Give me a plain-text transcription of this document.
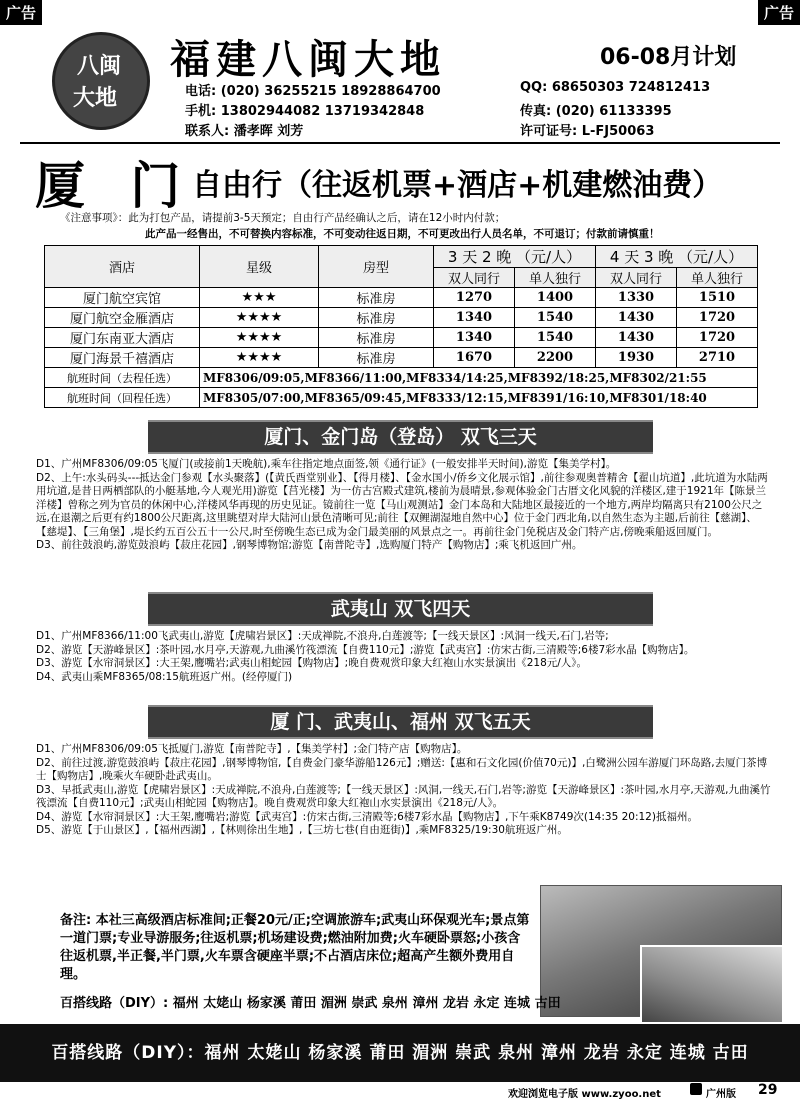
广告	广告
八闽
大地
福建八闽大地	06-08月计划
电话: (020) 36255215 18928864700	QQ: 68650303 724812413
手机: 13802944082 13719342848	传真: (020) 61133395
联系人: 潘孝晖 刘芳	许可证号: L-FJ50063
厦 门
自由行（往返机票+酒店+机建燃油费）
《注意事项》：此为打包产品，请提前3-5天预定；自由行产品经确认之后，请在12小时内付款；
此产品一经售出，不可替换内容标准，不可变动往返日期，不可更改出行人员名单，不可退订；付款前请慎重！
酒店	星级	房型	3 天 2 晚 （元/人）		4 天 3 晚 （元/人）	
			双人同行	单人独行	双人同行	单人独行
厦门航空宾馆	★★★	标准房	1270	1400	1330	1510
厦门航空金雁酒店	★★★★	标准房	1340	1540	1430	1720
厦门东南亚大酒店	★★★★	标准房	1340	1540	1430	1720
厦门海景千禧酒店	★★★★	标准房	1670	2200	1930	2710
航班时间（去程任选）	MF8306/09:05,MF8366/11:00,MF8334/14:25,MF8392/18:25,MF8302/21:55					
航班时间（回程任选）	MF8305/07:00,MF8365/09:45,MF8333/12:15,MF8391/16:10,MF8301/18:40					
厦门、金门岛（登岛） 双飞三天

D1、广州MF8306/09:05飞厦门(或接前1天晚航),乘车往指定地点面签,领《通行证》(一般安排半天时间),游览【集美学村】。

D2、上午:水头码头---抵达金门参观【水头聚落】(【黄氏酉堂别业】、【得月楼】、【金水国小/侨乡文化展示馆】,前往参观奥普精舍【翟山坑道】,此坑道为水陆两用坑道,是昔日两栖部队的小艇基地,今人观光用)游览【莒光楼】为一仿古宫殿式建筑,楼前为晨晴景,参观体验金门古厝文化风貌的洋楼区,建于1921年【陈景兰洋楼】曾称之列为官员的休闲中心,洋楼风华再现的历史见证。镜前往一览【马山观测站】金门本岛和大陆地区最接近的一个地方,两岸均隔离只有2100公尺之远,在退潮之后更有约1800公尺距离,这里眺望对岸大陆河山景色清晰可见;前往【双鲤湖湿地自然中心】位于金门西北角,以自然生态为主题,后前往【慈湖】、【慈堤】、【三角堡】,堤长约五百公五十一公尺,时至傍晚生态已成为金门最美丽的风景点之一。再前往金门免税店及金门特产店,傍晚乘船返回厦门。

D3、前往鼓浪屿,游览鼓浪屿【菽庄花园】,钢琴博物馆;游览【南普陀寺】,选购厦门特产【购物店】;乘飞机返回广州。

武夷山 双飞四天

D1、广州MF8366/11:00飞武夷山,游览【虎啸岩景区】:天成禅院,不浪舟,白莲渡等;【一线天景区】:风洞一线天,石门,岩等;

D2、游览【天游峰景区】:茶叶园,水月亭,天游观,九曲溪竹筏漂流【自费110元】;游览【武夷宫】:仿宋古街,三清殿等;6楼7彩水晶【购物店】。

D3、游览【水帘洞景区】:大王架,鹰嘴岩;武夷山相蛇园【购物店】;晚自费观赏印象大红袍山水实景演出《218元/人》。

D4、武夷山乘MF8365/08:15航班返广州。(经停厦门)

厦 门、武夷山、福州 双飞五天

D1、广州MF8306/09:05飞抵厦门,游览【南普陀寺】,【集美学村】;金门特产店【购物店】。

D2、前往过渡,游览鼓浪屿【菽庄花园】,钢琴博物馆,【自费金门豪华游船126元】;赠送:【惠和石文化园(价值70元)】,白鹭洲公园车游厦门环岛路,去厦门茶博士【购物店】,晚乘火车硬卧赴武夷山。

D3、早抵武夷山,游览【虎啸岩景区】:天成禅院,不浪舟,白莲渡等;【一线天景区】:风洞,一线天,石门,岩等;游览【天游峰景区】:茶叶园,水月亭,天游观,九曲溪竹筏漂流【自费110元】;武夷山相蛇园【购物店】。晚自费观赏印象大红袍山水实景演出《218元/人》。

D4、游览【水帘洞景区】:大王架,鹰嘴岩;游览【武夷宫】:仿宋古街,三清殿等;6楼7彩水晶【购物店】,下午乘K8749次(14:35 20:12)抵福州。

D5、游览【于山景区】,【福州西湖】,【林则徐出生地】,【三坊七巷(自由逛街)】,乘MF8325/19:30航班返广州。

备注: 本社三高级酒店标准间;正餐20元/正;空调旅游车;武夷山环保观光车;景点第一道门票;专业导游服务;往返机票;机场建设费;燃油附加费;火车硬卧票怒;小孩含往返机票,半正餐,半门票,火车票含硬座半票;不占酒店床位;超高产生额外费用自理。
百搭线路（DIY）: 福州 太姥山 杨家溪 莆田 湄洲 崇武 泉州 漳州 龙岩 永定 连城 古田
百搭线路（DIY）：福州 太姥山 杨家溪 莆田 湄洲 崇武 泉州 漳州 龙岩 永定 连城 古田
欢迎浏览电子版 www.zyoo.net	广州版 29
